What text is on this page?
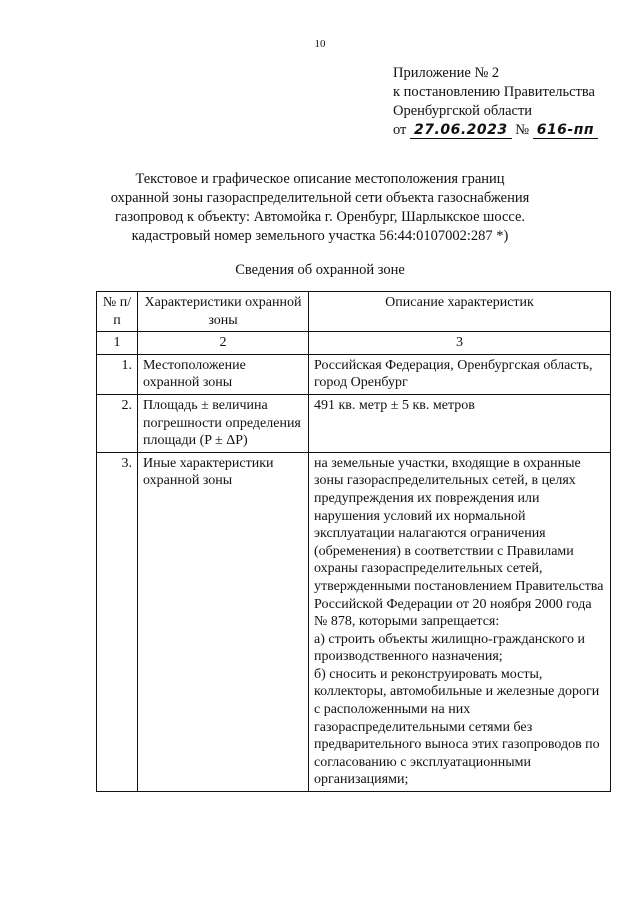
10
Приложение № 2
к постановлению Правительства
Оренбургской области
от 27.06.2023 № 616-пп
Текстовое и графическое описание местоположения границ
охранной зоны газораспределительной сети объекта газоснабжения
газопровод к объекту: Автомойка г. Оренбург, Шарлыкское шоссе.
кадастровый номер земельного участка 56:44:0107002:287 *)
Сведения об охранной зоне
№ п/п	Характеристики охранной зоны	Описание характеристик
1	2	3
1.	Местоположение охранной зоны	Российская Федерация, Оренбургская область, город Оренбург
2.	Площадь ± величина погрешности определения площади (P ± ΔP)	491 кв. метр ± 5 кв. метров
3.	Иные характеристики охранной зоны	на земельные участки, входящие в охранные зоны газораспределительных сетей, в целях предупреждения их повреждения или нарушения условий их нормальной эксплуатации налагаются ограничения (обременения) в соответствии с Правилами охраны газораспределительных сетей, утвержденными постановлением Правительства Российской Федерации от 20 ноября 2000 года № 878, которыми запрещается:
а) строить объекты жилищно-гражданского и производственного назначения;
б) сносить и реконструировать мосты, коллекторы, автомобильные и железные дороги с расположенными на них газораспределительными сетями без предварительного выноса этих газопроводов по согласованию с эксплуатационными организациями;
